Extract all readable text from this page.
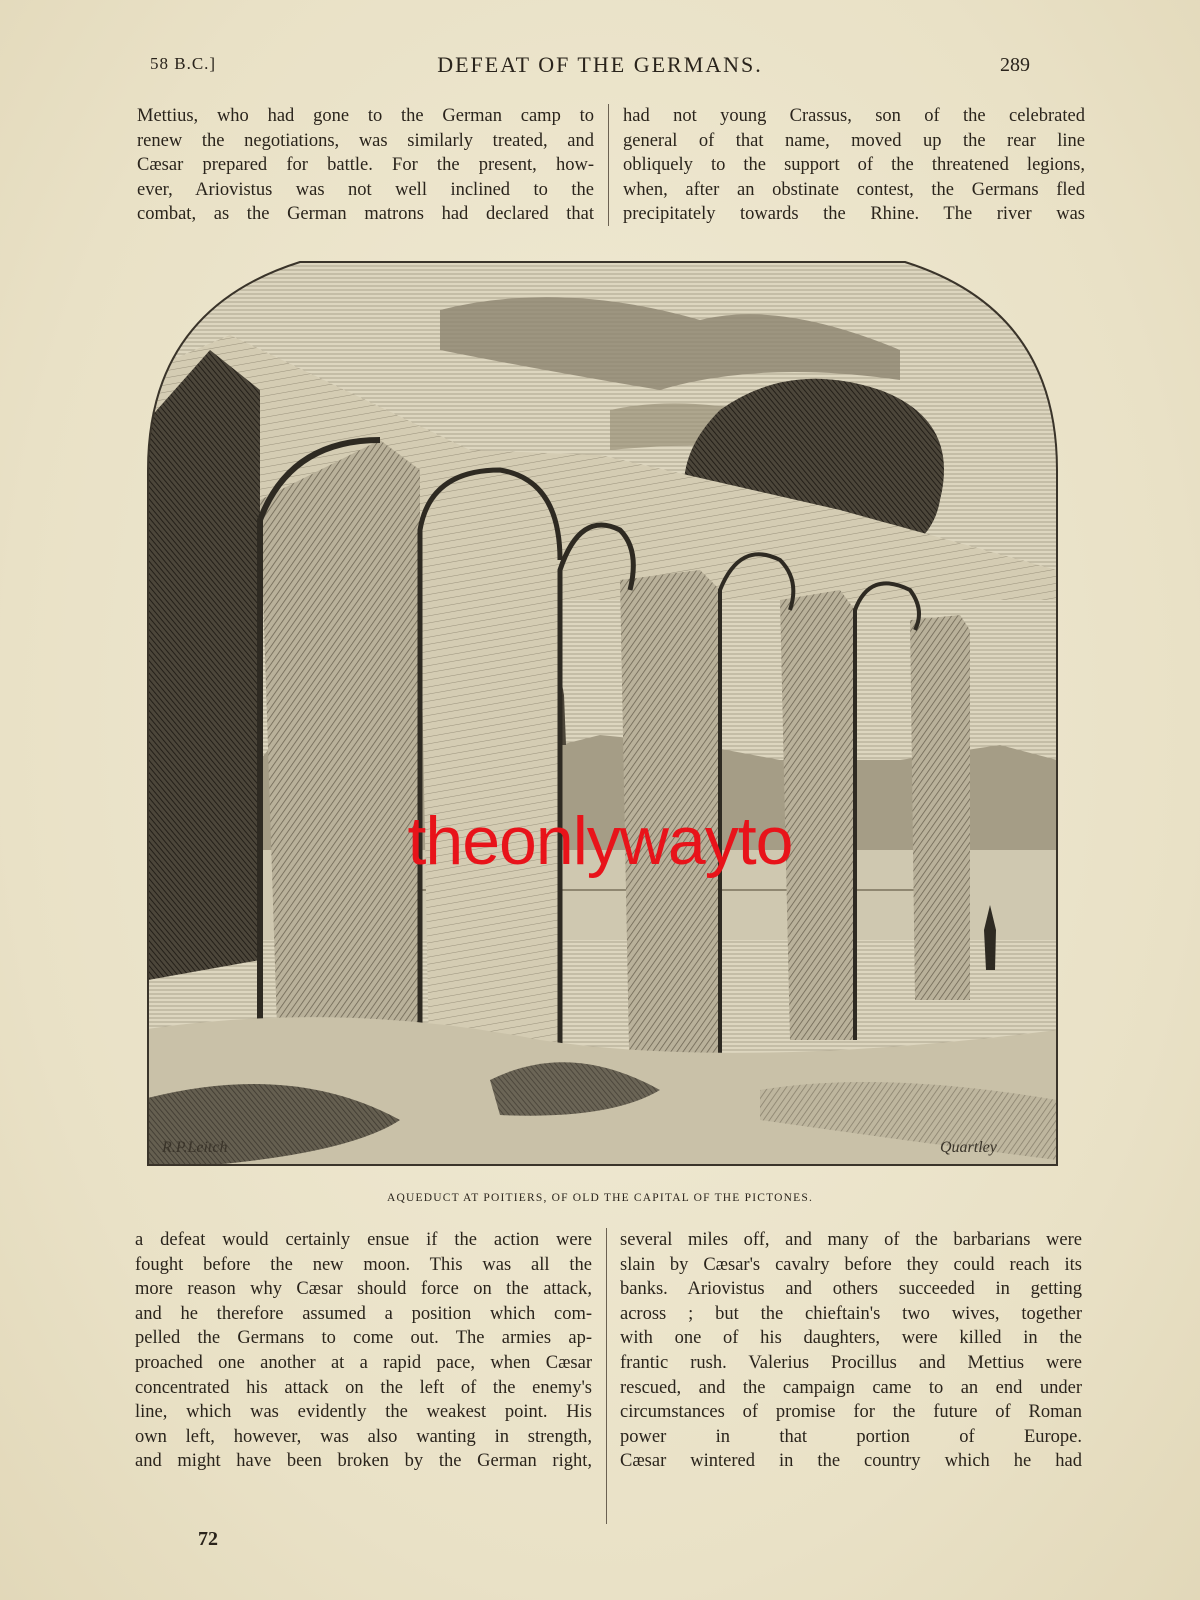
58 B.C.]	DEFEAT OF THE GERMANS.	289
Mettius, who had gone to the German camp to
renew the negotiations, was similarly treated, and
Cæsar prepared for battle. For the present, how-
ever, Ariovistus was not well inclined to the
combat, as the German matrons had declared that
had not young Crassus, son of the celebrated
general of that name, moved up the rear line
obliquely to the support of the threatened legions,
when, after an obstinate contest, the Germans fled
precipitately towards the Rhine. The river was
R.P.Leitch	Quartley
AQUEDUCT AT POITIERS, OF OLD THE CAPITAL OF THE PICTONES.
a defeat would certainly ensue if the action were
fought before the new moon. This was all the
more reason why Cæsar should force on the attack,
and he therefore assumed a position which com-
pelled the Germans to come out. The armies ap-
proached one another at a rapid pace, when Cæsar
concentrated his attack on the left of the enemy's
line, which was evidently the weakest point. His
own left, however, was also wanting in strength,
and might have been broken by the German right,
several miles off, and many of the barbarians were
slain by Cæsar's cavalry before they could reach its
banks. Ariovistus and others succeeded in getting
across ; but the chieftain's two wives, together
with one of his daughters, were killed in the
frantic rush. Valerius Procillus and Mettius were
rescued, and the campaign came to an end under
circumstances of promise for the future of Roman
power in that portion of Europe.
Cæsar wintered in the country which he had
72
theonlywayto
